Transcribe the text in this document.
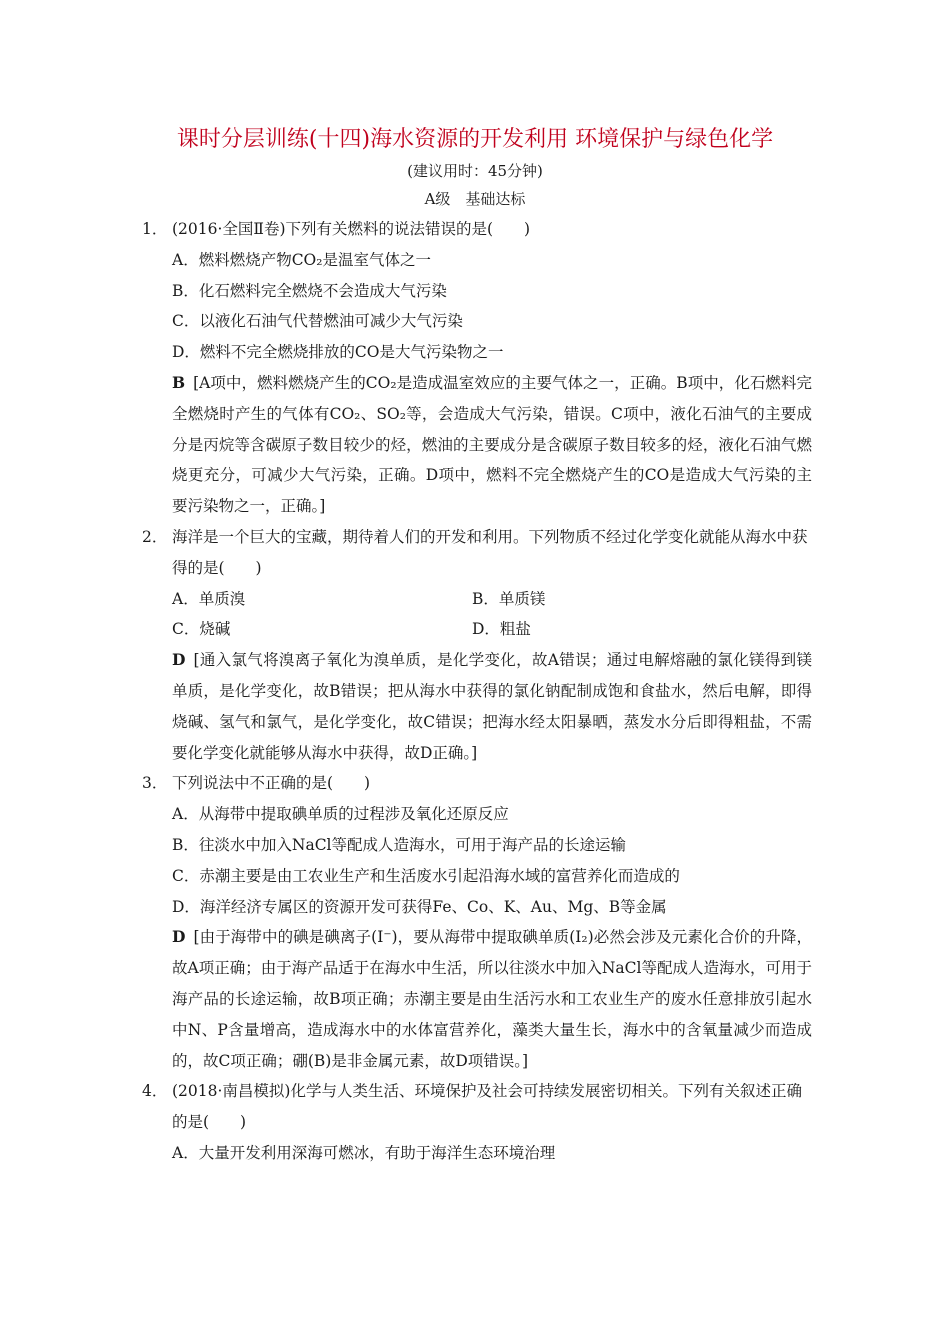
课时分层训练(十四)海水资源的开发利用 环境保护与绿色化学
(建议用时：45分钟)
A级　基础达标
1． (2016·全国Ⅱ卷)下列有关燃料的说法错误的是(　　)
A．燃料燃烧产物CO₂是温室气体之一
B．化石燃料完全燃烧不会造成大气污染
C．以液化石油气代替燃油可减少大气污染
D．燃料不完全燃烧排放的CO是大气污染物之一
B [A项中，燃料燃烧产生的CO₂是造成温室效应的主要气体之一，正确。B项中，化石燃料完全燃烧时产生的气体有CO₂、SO₂等，会造成大气污染，错误。C项中，液化石油气的主要成分是丙烷等含碳原子数目较少的烃，燃油的主要成分是含碳原子数目较多的烃，液化石油气燃烧更充分，可减少大气污染，正确。D项中，燃料不完全燃烧产生的CO是造成大气污染的主要污染物之一，正确。]
2． 海洋是一个巨大的宝藏，期待着人们的开发和利用。下列物质不经过化学变化就能从海水中获得的是(　　)
A．单质溴	B．单质镁
C．烧碱	D．粗盐
D [通入氯气将溴离子氧化为溴单质，是化学变化，故A错误；通过电解熔融的氯化镁得到镁单质，是化学变化，故B错误；把从海水中获得的氯化钠配制成饱和食盐水，然后电解，即得烧碱、氢气和氯气，是化学变化，故C错误；把海水经太阳暴晒，蒸发水分后即得粗盐，不需要化学变化就能够从海水中获得，故D正确。]
3． 下列说法中不正确的是(　　)
A．从海带中提取碘单质的过程涉及氧化还原反应
B．往淡水中加入NaCl等配成人造海水，可用于海产品的长途运输
C．赤潮主要是由工农业生产和生活废水引起沿海水域的富营养化而造成的
D．海洋经济专属区的资源开发可获得Fe、Co、K、Au、Mg、B等金属
D [由于海带中的碘是碘离子(I⁻)，要从海带中提取碘单质(I₂)必然会涉及元素化合价的升降，故A项正确；由于海产品适于在海水中生活，所以往淡水中加入NaCl等配成人造海水，可用于海产品的长途运输，故B项正确；赤潮主要是由生活污水和工农业生产的废水任意排放引起水中N、P含量增高，造成海水中的水体富营养化，藻类大量生长，海水中的含氧量减少而造成的，故C项正确；硼(B)是非金属元素，故D项错误。]
4． (2018·南昌模拟)化学与人类生活、环境保护及社会可持续发展密切相关。下列有关叙述正确的是(　　)
A．大量开发利用深海可燃冰，有助于海洋生态环境治理
